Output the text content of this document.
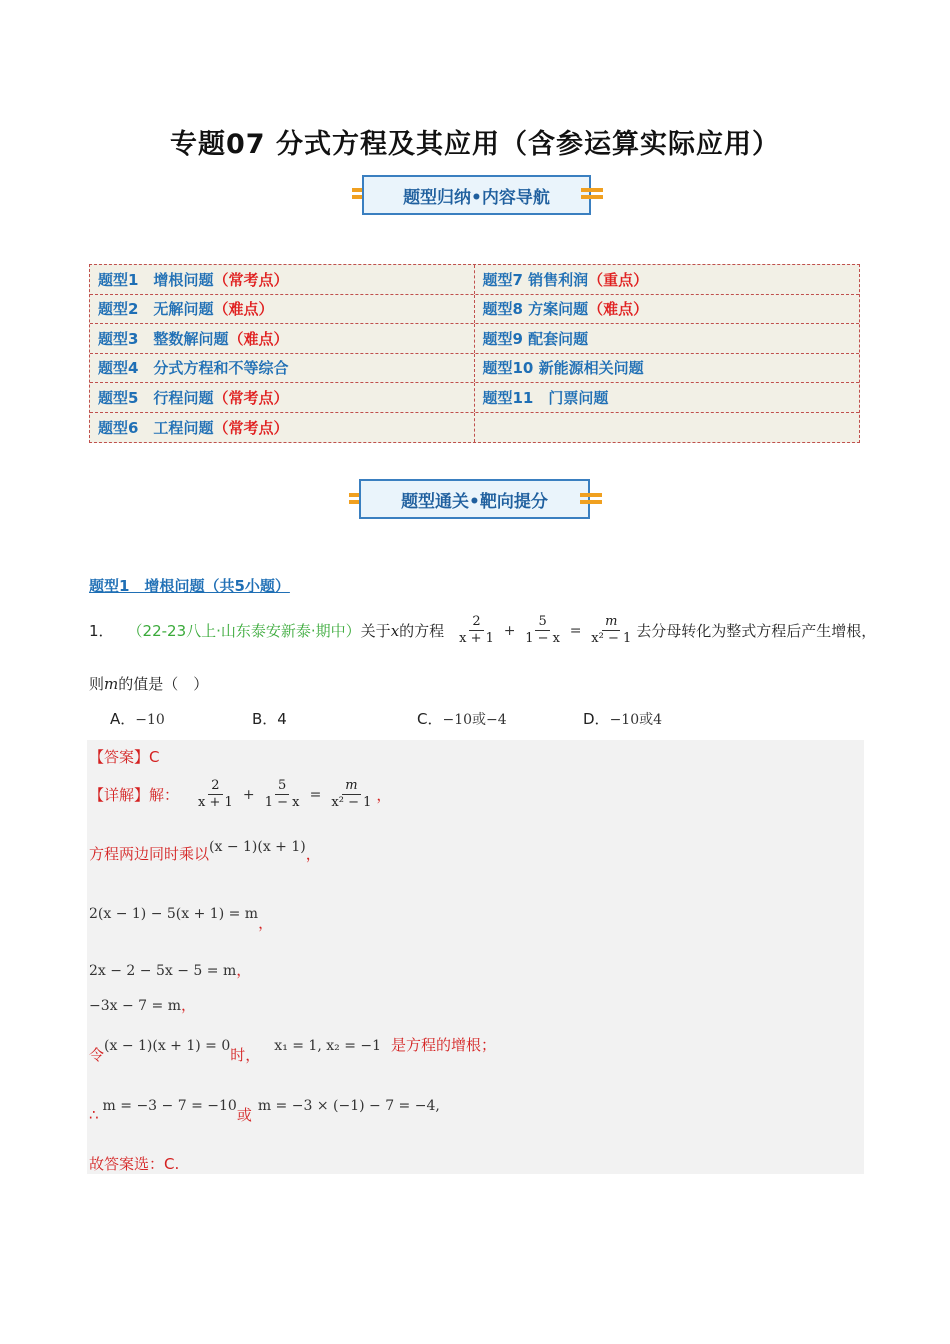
专题07 分式方程及其应用（含参运算实际应用）
题型归纳•内容导航
题型1　增根问题 （常考点）	题型7 销售利润 （重点）
题型2　无解问题 （难点）	题型8 方案问题 （难点）
题型3　整数解问题 （难点）	题型9 配套问题
题型4　分式方程和不等综合	题型10 新能源相关问题
题型5　行程问题 （常考点）	题型11　门票问题
题型6　工程问题 （常考点）
题型通关•靶向提分
题型1　增根问题（共5小题）
1． （22-23八上·山东泰安新泰·期中） 关于 x 的方程 $\frac{2}{x + 1} + \frac{5}{1 - x} = \frac{m}{\text{x² − 1}}$ 去分母转化为整式方程后产生增根，
则m的值是（　）
A．−10	B．4	C．−10或−4	D．−10或4
【答案】C
【详解】解： $\frac{2}{x + 1} + \frac{5}{1 - x} = \frac{m}{\text{x² − 1}}$ ，
方程两边同时乘以(x − 1)(x + 1)，
2(x − 1) − 5(x + 1) = m，
2x − 2 − 5x − 5 = m，
−3x − 7 = m，
令(x − 1)(x + 1) = 0时， x₁ = 1, x₂ = −1 是方程的增根；
∴ m = −3 − 7 = −10或 m = −3 × (−1) − 7 = −4,
故答案选：C.
